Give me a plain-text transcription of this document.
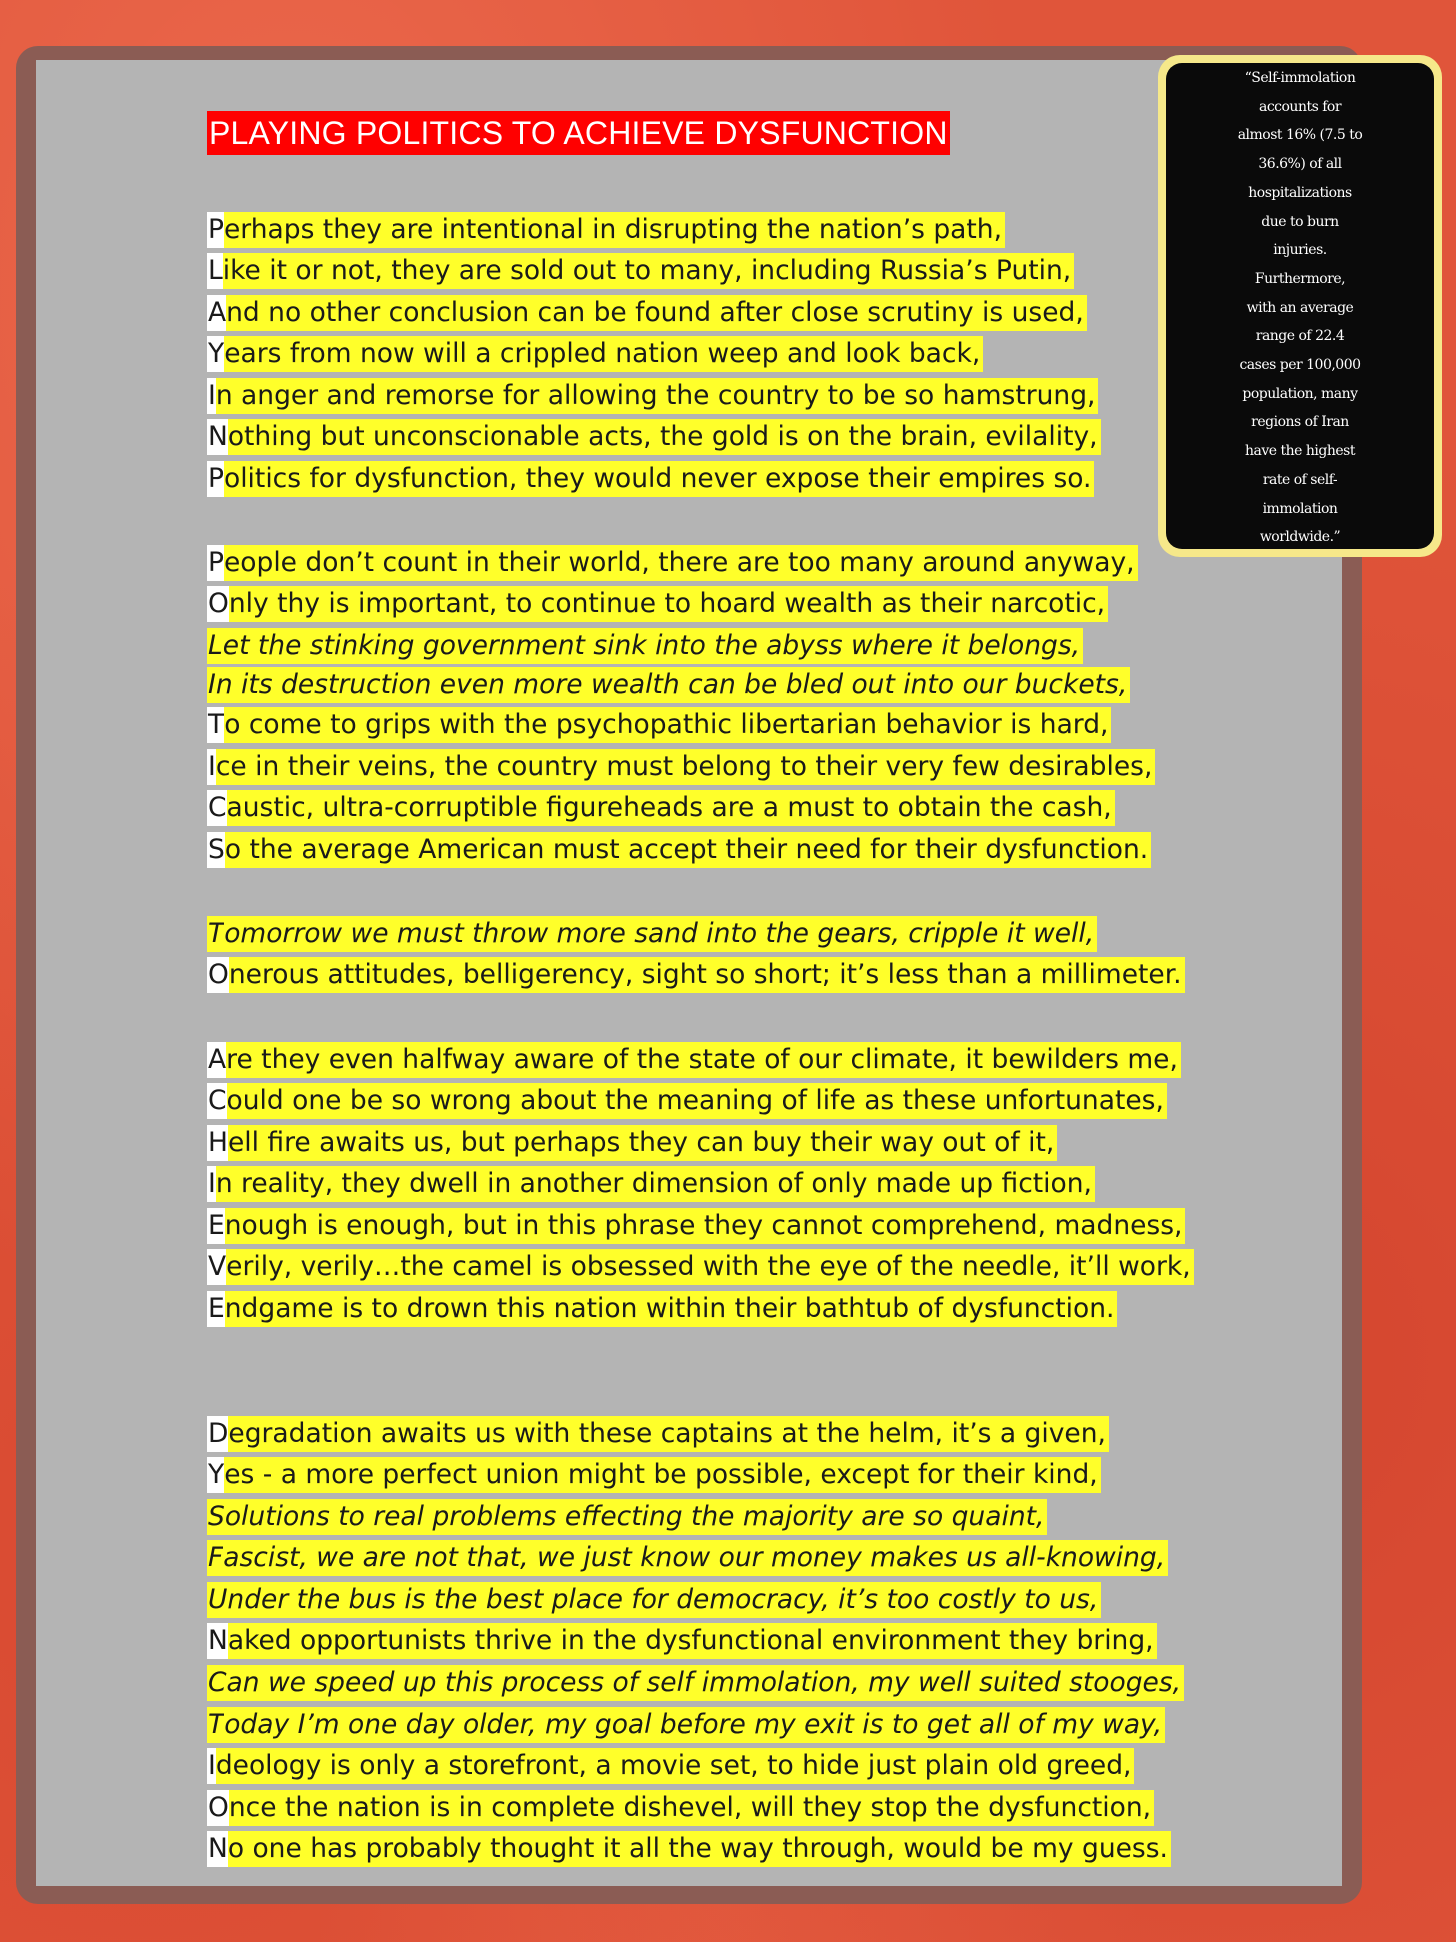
PLAYING POLITICS TO ACHIEVE DYSFUNCTION
Perhaps they are intentional in disrupting the nation’s path,
Like it or not, they are sold out to many, including Russia’s Putin,
And no other conclusion can be found after close scrutiny is used,
Years from now will a crippled nation weep and look back,
In anger and remorse for allowing the country to be so hamstrung,
Nothing but unconscionable acts, the gold is on the brain, evilality,
Politics for dysfunction, they would never expose their empires so.
People don’t count in their world, there are too many around anyway,
Only thy is important, to continue to hoard wealth as their narcotic,
Let the stinking government sink into the abyss where it belongs,
In its destruction even more wealth can be bled out into our buckets,
To come to grips with the psychopathic libertarian behavior is hard,
Ice in their veins, the country must belong to their very few desirables,
Caustic, ultra-corruptible figureheads are a must to obtain the cash,
So the average American must accept their need for their dysfunction.
Tomorrow we must throw more sand into the gears, cripple it well,
Onerous attitudes, belligerency, sight so short; it’s less than a millimeter.
Are they even halfway aware of the state of our climate, it bewilders me,
Could one be so wrong about the meaning of life as these unfortunates,
Hell fire awaits us, but perhaps they can buy their way out of it,
In reality, they dwell in another dimension of only made up fiction,
Enough is enough, but in this phrase they cannot comprehend, madness,
Verily, verily…the camel is obsessed with the eye of the needle, it’ll work,
Endgame is to drown this nation within their bathtub of dysfunction.
Degradation awaits us with these captains at the helm, it’s a given,
Yes - a more perfect union might be possible, except for their kind,
Solutions to real problems effecting the majority are so quaint,
Fascist, we are not that, we just know our money makes us all-knowing,
Under the bus is the best place for democracy, it’s too costly to us,
Naked opportunists thrive in the dysfunctional environment they bring,
Can we speed up this process of self immolation, my well suited stooges,
Today I’m one day older, my goal before my exit is to get all of my way,
Ideology is only a storefront, a movie set, to hide just plain old greed,
Once the nation is in complete dishevel, will they stop the dysfunction,
No one has probably thought it all the way through, would be my guess.
“Self-immolation
accounts for
almost 16% (7.5 to
36.6%) of all
hospitalizations
due to burn
injuries.
Furthermore,
with an average
range of 22.4
cases per 100,000
population, many
regions of Iran
have the highest
rate of self-
immolation
worldwide.”
